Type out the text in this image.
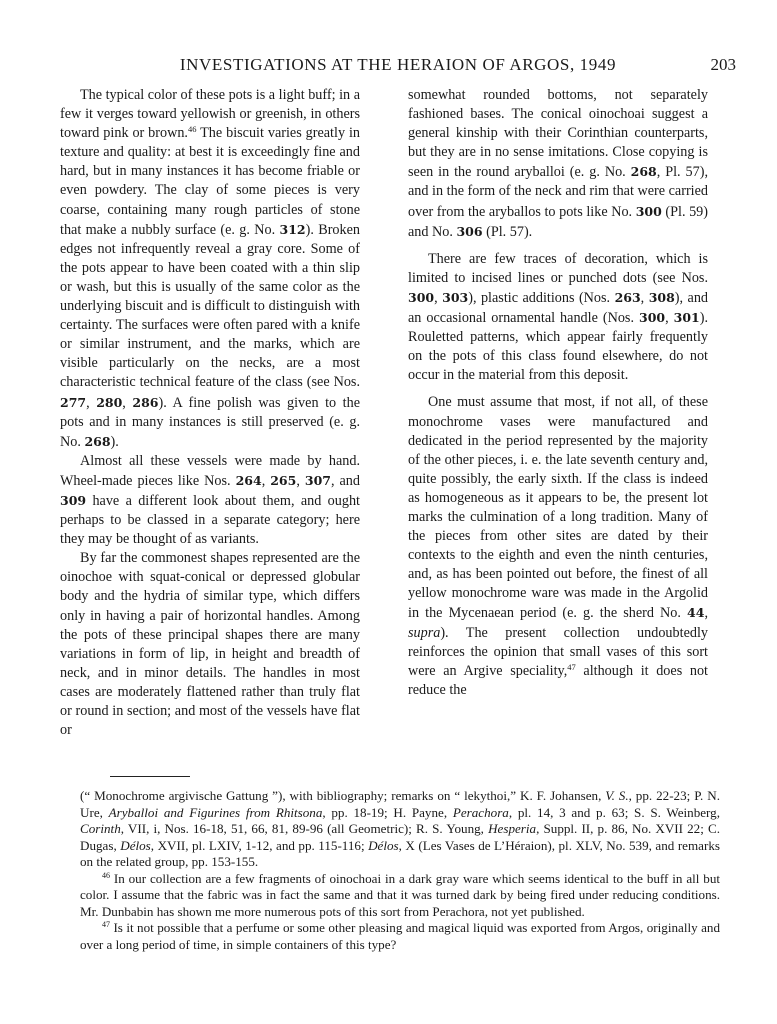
INVESTIGATIONS AT THE HERAION OF ARGOS, 1949	203

The typical color of these pots is a light buff; in a few it verges toward yellowish or greenish, in others toward pink or brown.$^{46}$ The biscuit varies greatly in texture and quality: at best it is exceedingly fine and hard, but in many instances it has become friable or even powdery. The clay of some pieces is very coarse, containing many rough particles of stone that make a nubbly surface (e. g. No. 312). Broken edges not infrequently reveal a gray core. Some of the pots appear to have been coated with a thin slip or wash, but this is usually of the same color as the underlying biscuit and is difficult to distinguish with certainty. The surfaces were often pared with a knife or similar instrument, and the marks, which are visible particularly on the necks, are a most characteristic technical feature of the class (see Nos. 277, 280, 286). A fine polish was given to the pots and in many instances is still preserved (e. g. No. 268).

Almost all these vessels were made by hand. Wheel-made pieces like Nos. 264, 265, 307, and 309 have a different look about them, and ought perhaps to be classed in a separate category; here they may be thought of as variants.

By far the commonest shapes represented are the oinochoe with squat-conical or depressed globular body and the hydria of similar type, which differs only in having a pair of horizontal handles. Among the pots of these principal shapes there are many variations in form of lip, in height and breadth of neck, and in minor details. The handles in most cases are moderately flattened rather than truly flat or round in section; and most of the vessels have flat or

somewhat rounded bottoms, not separately fashioned bases. The conical oinochoai suggest a general kinship with their Corinthian counterparts, but they are in no sense imitations. Close copying is seen in the round aryballoi (e. g. No. 268, Pl. 57), and in the form of the neck and rim that were carried over from the aryballos to pots like No. 300 (Pl. 59) and No. 306 (Pl. 57).

There are few traces of decoration, which is limited to incised lines or punched dots (see Nos. 300, 303), plastic additions (Nos. 263, 308), and an occasional ornamental handle (Nos. 300, 301). Rouletted patterns, which appear fairly frequently on the pots of this class found elsewhere, do not occur in the material from this deposit.

One must assume that most, if not all, of these monochrome vases were manufactured and dedicated in the period represented by the majority of the other pieces, i. e. the late seventh century and, quite possibly, the early sixth. If the class is indeed as homogeneous as it appears to be, the present lot marks the culmination of a long tradition. Many of the pieces from other sites are dated by their contexts to the eighth and even the ninth centuries, and, as has been pointed out before, the finest of all yellow monochrome ware was made in the Argolid in the Mycenaean period (e. g. the sherd No. 44, supra). The present collection undoubtedly reinforces the opinion that small vases of this sort were an Argive speciality,$^{47}$ although it does not reduce the

(“ Monochrome argivische Gattung ”), with bibliography; remarks on “ lekythoi,” K. F. Johansen, V. S., pp. 22-23; P. N. Ure, Aryballoi and Figurines from Rhitsona, pp. 18-19; H. Payne, Perachora, pl. 14, 3 and p. 63; S. S. Weinberg, Corinth, VII, i, Nos. 16-18, 51, 66, 81, 89-96 (all Geometric); R. S. Young, Hesperia, Suppl. II, p. 86, No. XVII 22; C. Dugas, Délos, XVII, pl. LXIV, 1-12, and pp. 115-116; Délos, X (Les Vases de L’Héraion), pl. XLV, No. 539, and remarks on the related group, pp. 153-155.

$^{46}$ In our collection are a few fragments of oinochoai in a dark gray ware which seems identical to the buff in all but color. I assume that the fabric was in fact the same and that it was turned dark by being fired under reducing conditions. Mr. Dunbabin has shown me more numerous pots of this sort from Perachora, not yet published.

$^{47}$ Is it not possible that a perfume or some other pleasing and magical liquid was exported from Argos, originally and over a long period of time, in simple containers of this type?
